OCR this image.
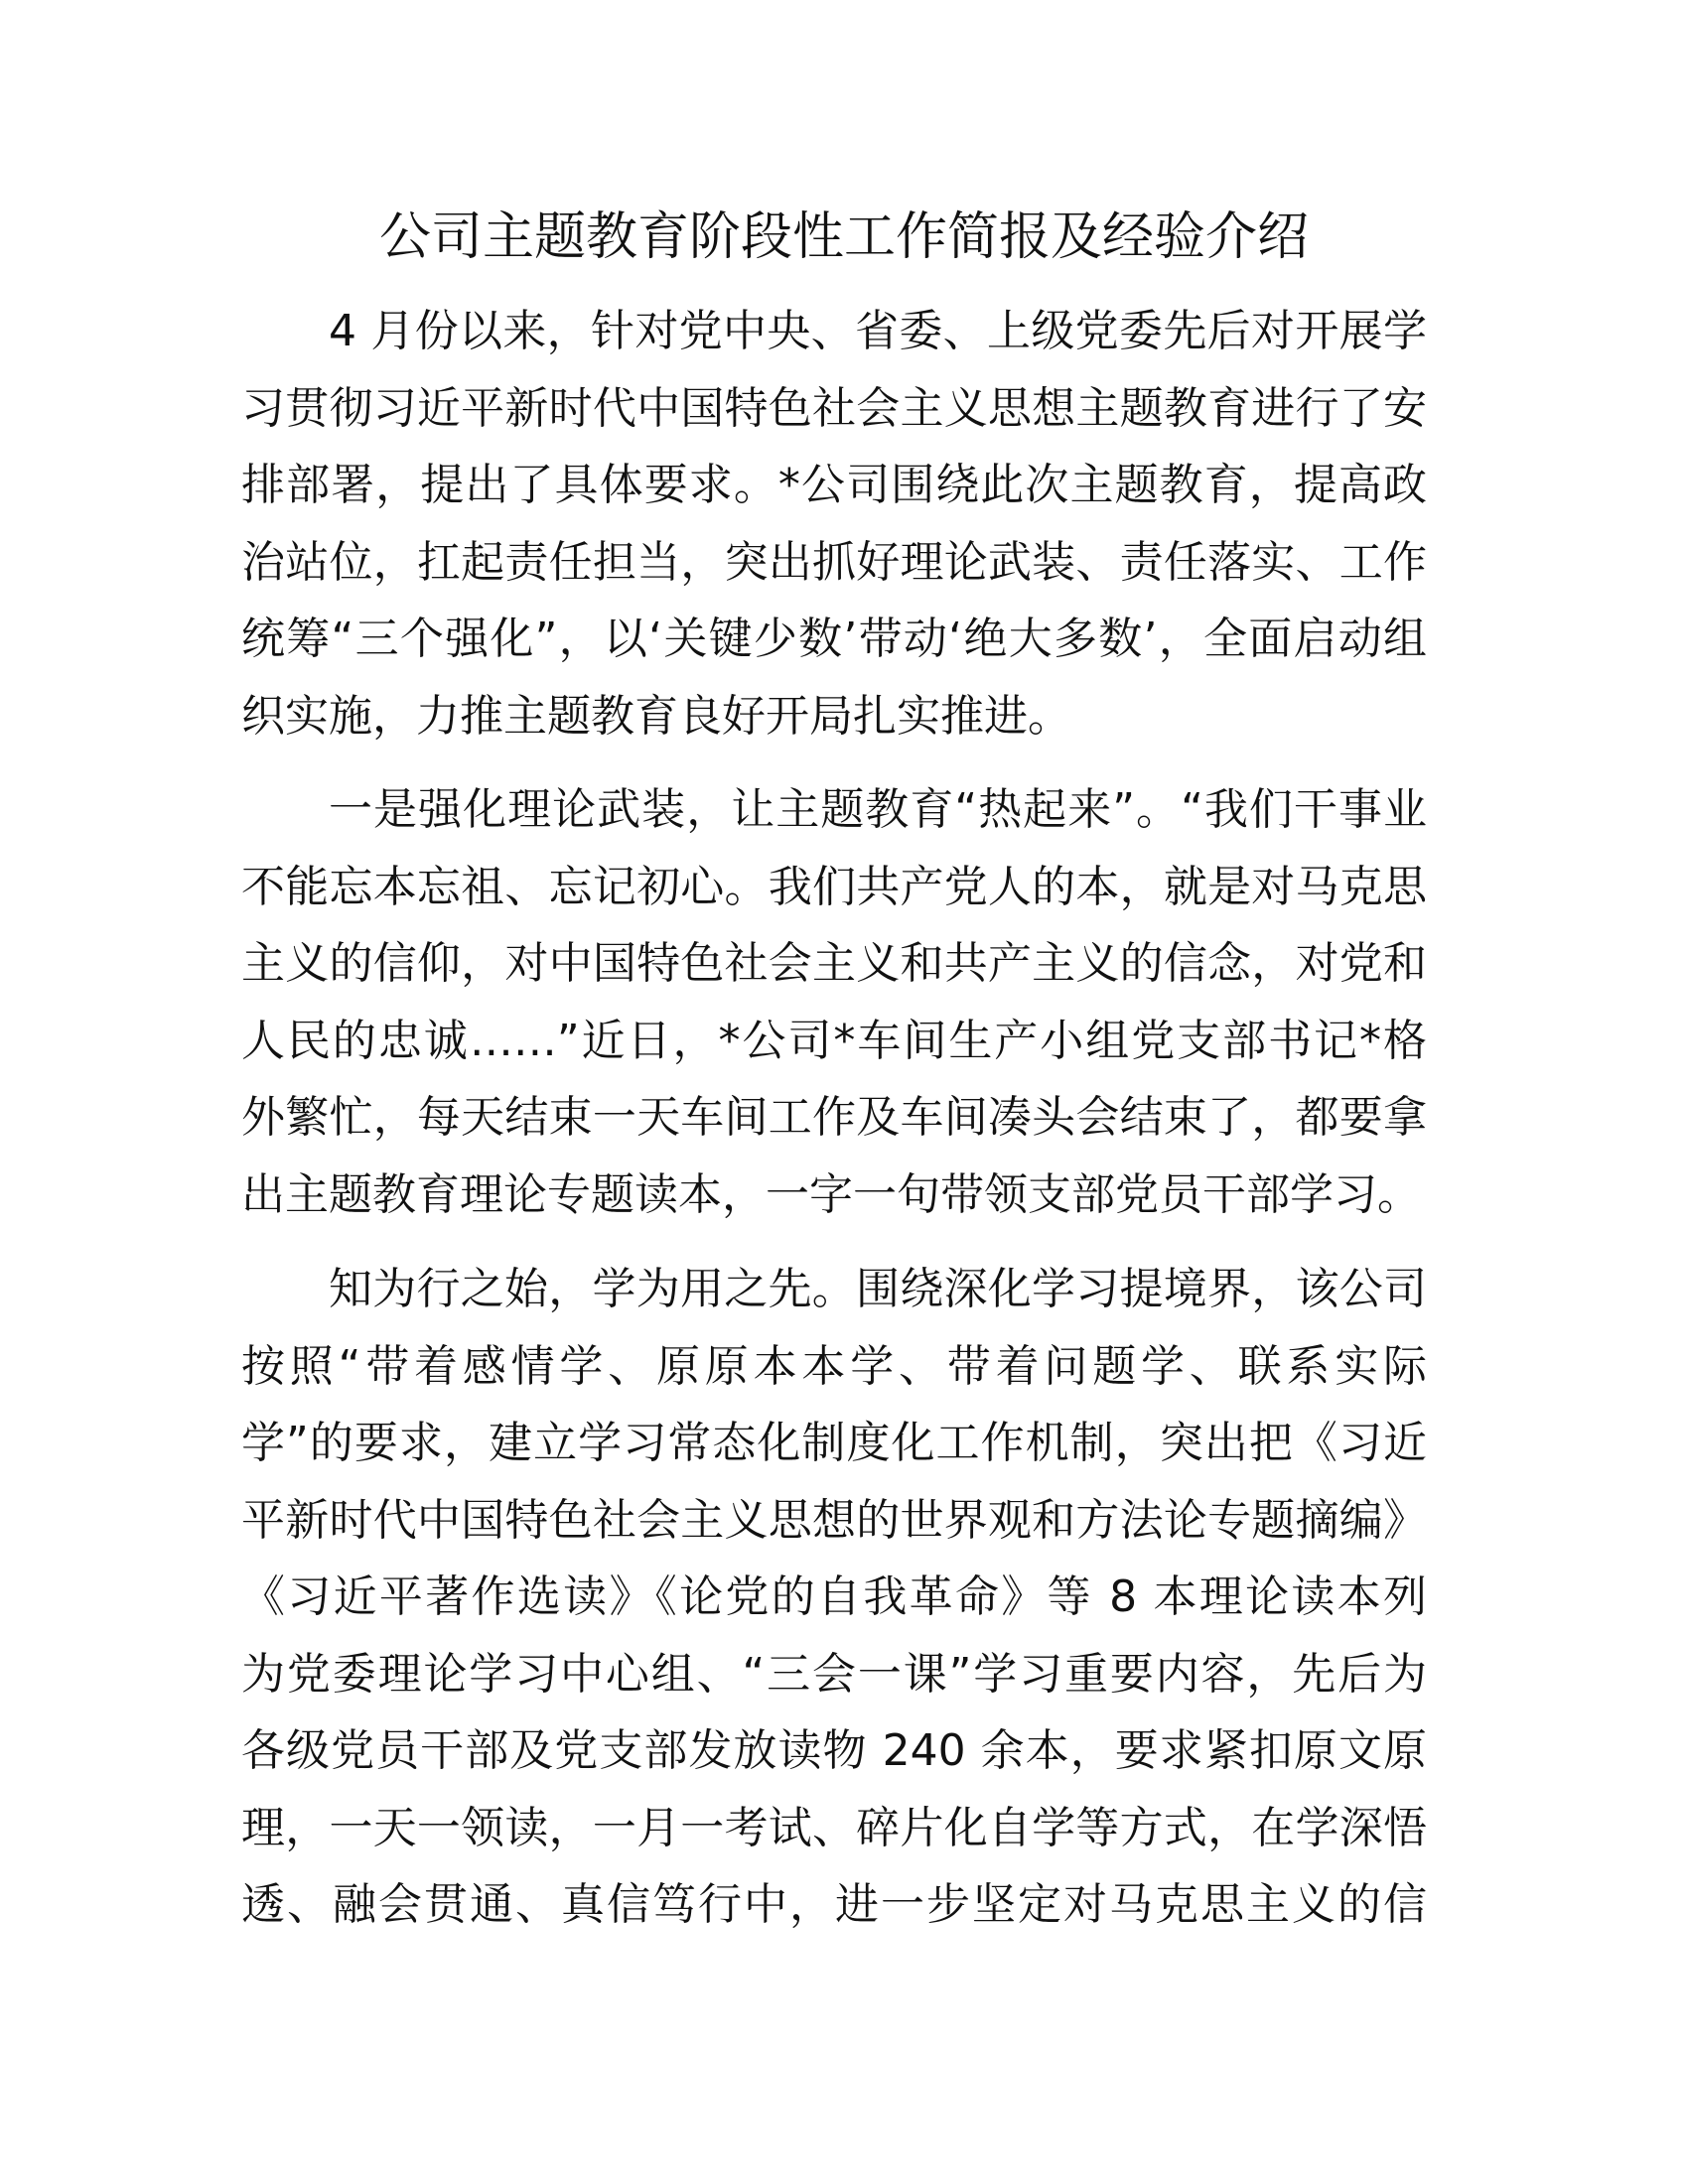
公司主题教育阶段性工作简报及经验介绍
4 月份以来，针对党中央、省委、上级党委先后对开展学
习贯彻习近平新时代中国特色社会主义思想主题教育进行了安
排部署，提出了具体要求。*公司围绕此次主题教育，提高政
治站位，扛起责任担当，突出抓好理论武装、责任落实、工作
统筹“三个强化”，以‘关键少数’带动‘绝大多数’，全面启动组
织实施，力推主题教育良好开局扎实推进。
一是强化理论武装，让主题教育“热起来”。“我们干事业
不能忘本忘祖、忘记初心。我们共产党人的本，就是对马克思
主义的信仰，对中国特色社会主义和共产主义的信念，对党和
人民的忠诚……”近日，*公司*车间生产小组党支部书记*格
外繁忙，每天结束一天车间工作及车间凑头会结束了，都要拿
出主题教育理论专题读本，一字一句带领支部党员干部学习。
知为行之始，学为用之先。围绕深化学习提境界，该公司
按照“带着感情学、原原本本学、带着问题学、联系实际
学”的要求，建立学习常态化制度化工作机制，突出把《习近
平新时代中国特色社会主义思想的世界观和方法论专题摘编》
《习近平著作选读》《论党的自我革命》等 8 本理论读本列
为党委理论学习中心组、“三会一课”学习重要内容，先后为
各级党员干部及党支部发放读物 240 余本，要求紧扣原文原
理，一天一领读，一月一考试、碎片化自学等方式，在学深悟
透、融会贯通、真信笃行中，进一步坚定对马克思主义的信
